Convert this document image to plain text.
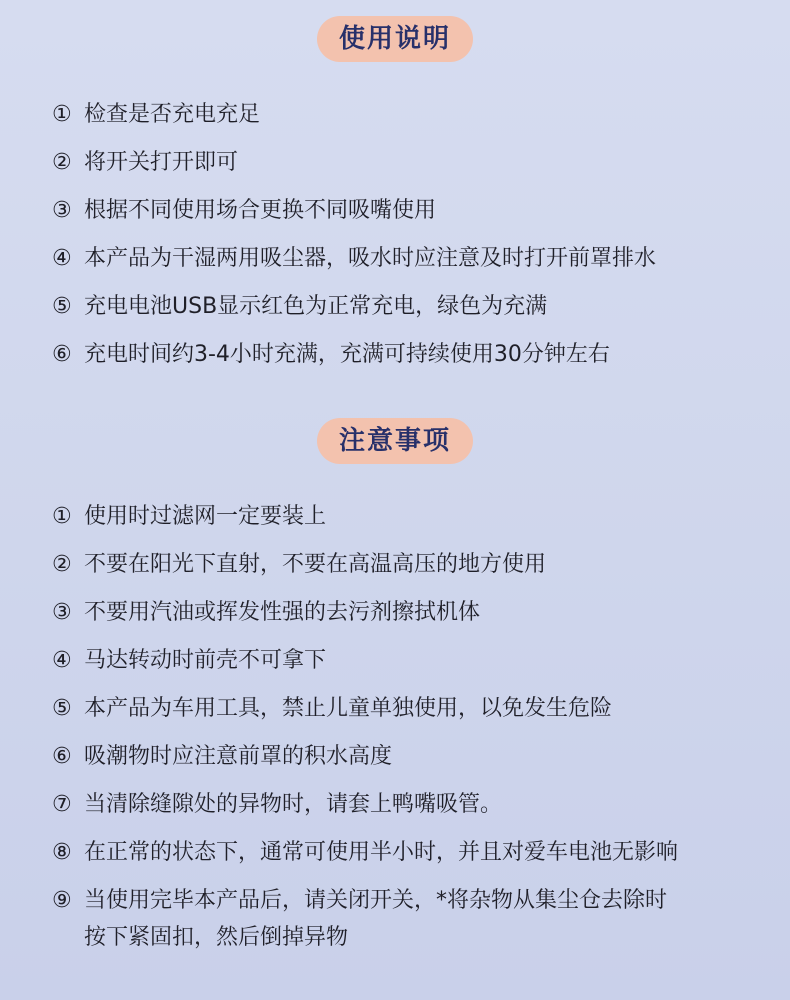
使用说明
① 检查是否充电充足
② 将开关打开即可
③ 根据不同使用场合更换不同吸嘴使用
④ 本产品为干湿两用吸尘器，吸水时应注意及时打开前罩排水
⑤ 充电电池USB显示红色为正常充电，绿色为充满
⑥ 充电时间约3-4小时充满，充满可持续使用30分钟左右
注意事项
① 使用时过滤网一定要装上
② 不要在阳光下直射，不要在高温高压的地方使用
③ 不要用汽油或挥发性强的去污剂擦拭机体
④ 马达转动时前壳不可拿下
⑤ 本产品为车用工具，禁止儿童单独使用，以免发生危险
⑥ 吸潮物时应注意前罩的积水高度
⑦ 当清除缝隙处的异物时，请套上鸭嘴吸管。
⑧ 在正常的状态下，通常可使用半小时，并且对爱车电池无影响
⑨ 当使用完毕本产品后，请关闭开关，*将杂物从集尘仓去除时
按下紧固扣，然后倒掉异物
